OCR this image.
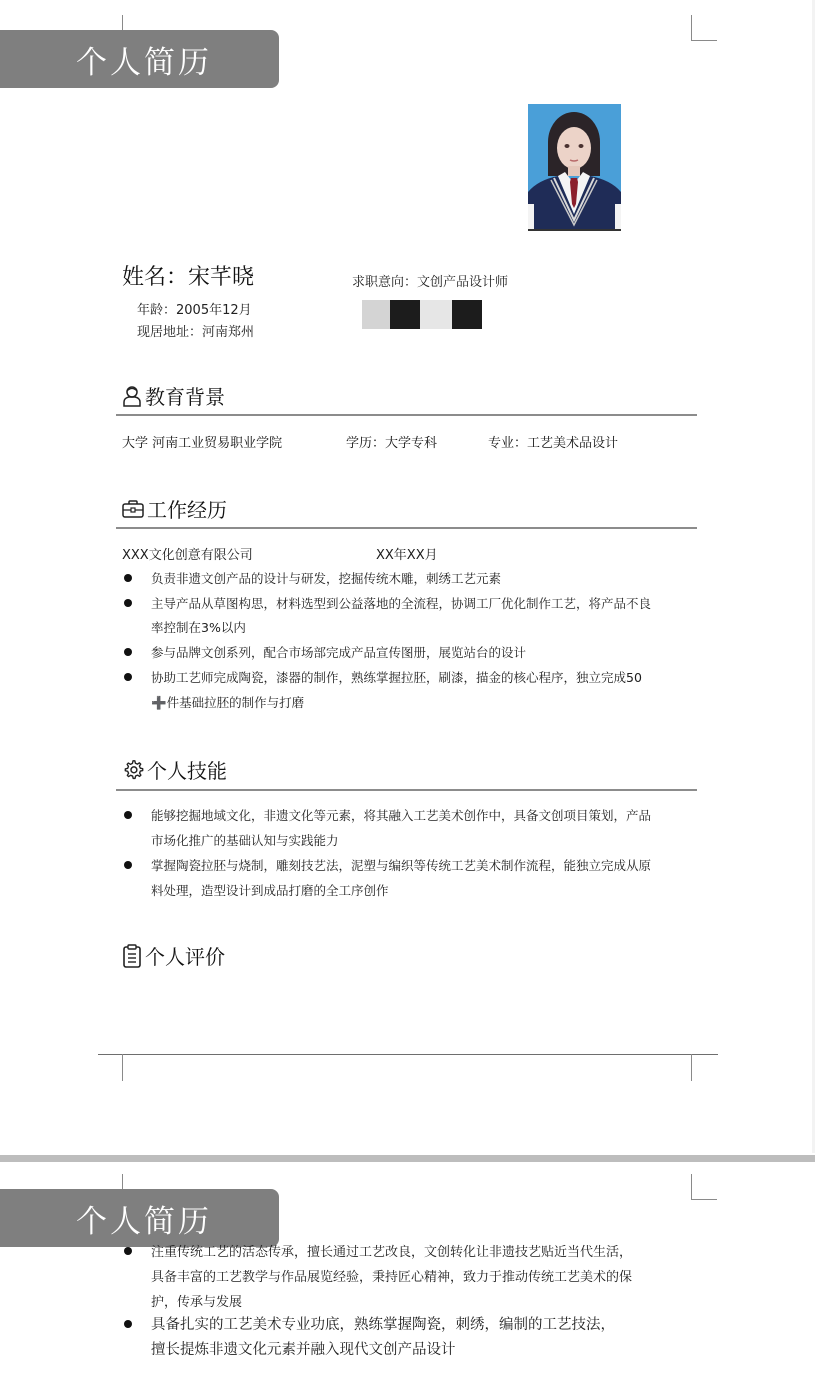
个人简历
姓名：宋芊晓
年龄：2005年12月
现居地址：河南郑州
求职意向：文创产品设计师
教育背景
大学 河南工业贸易职业学院	学历：大学专科	专业：工艺美术品设计
工作经历
XXX文化创意有限公司	XX年XX月
负责非遗文创产品的设计与研发，挖掘传统木雕，刺绣工艺元素
主导产品从草图构思，材料选型到公益落地的全流程，协调工厂优化制作工艺，将产品不良
率控制在3%以内
参与品牌文创系列，配合市场部完成产品宣传图册，展览站台的设计
协助工艺师完成陶瓷，漆器的制作，熟练掌握拉胚，刷漆，描金的核心程序，独立完成50
➕件基础拉胚的制作与打磨
个人技能
能够挖掘地域文化，非遗文化等元素，将其融入工艺美术创作中，具备文创项目策划，产品
市场化推广的基础认知与实践能力
掌握陶瓷拉胚与烧制，雕刻技艺法，泥塑与编织等传统工艺美术制作流程，能独立完成从原
料处理，造型设计到成品打磨的全工序创作
个人评价
个人简历
注重传统工艺的活态传承，擅长通过工艺改良，文创转化让非遗技艺贴近当代生活，
具备丰富的工艺教学与作品展览经验，秉持匠心精神，致力于推动传统工艺美术的保
护，传承与发展
具备扎实的工艺美术专业功底，熟练掌握陶瓷，刺绣，编制的工艺技法，
擅长提炼非遗文化元素并融入现代文创产品设计
